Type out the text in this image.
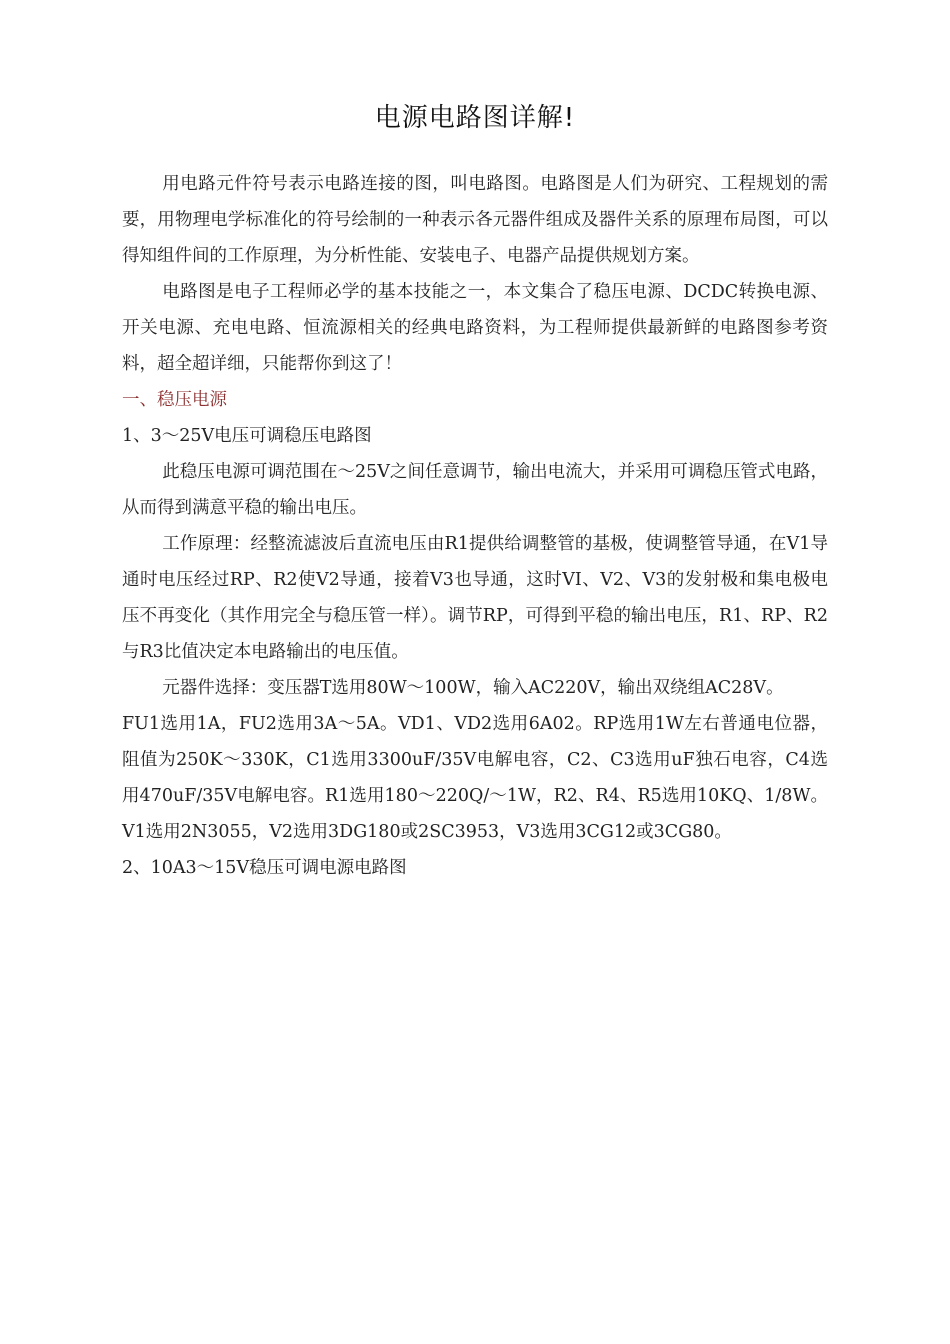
电源电路图详解!

用电路元件符号表示电路连接的图，叫电路图。电路图是人们为研究、工程规划的需要，用物理电学标准化的符号绘制的一种表示各元器件组成及器件关系的原理布局图，可以得知组件间的工作原理，为分析性能、安装电子、电器产品提供规划方案。

电路图是电子工程师必学的基本技能之一，本文集合了稳压电源、DCDC转换电源、开关电源、充电电路、恒流源相关的经典电路资料，为工程师提供最新鲜的电路图参考资料，超全超详细，只能帮你到这了！

一、稳压电源

1、3〜25V电压可调稳压电路图

此稳压电源可调范围在〜25V之间任意调节，输出电流大，并采用可调稳压管式电路，从而得到满意平稳的输出电压。

工作原理：经整流滤波后直流电压由R1提供给调整管的基极，使调整管导通，在V1导通时电压经过RP、R2使V2导通，接着V3也导通，这时VI、V2、V3的发射极和集电极电压不再变化（其作用完全与稳压管一样）。调节RP，可得到平稳的输出电压，R1、RP、R2与R3比值决定本电路输出的电压值。

元器件选择：变压器T选用80W〜100W，输入AC220V，输出双绕组AC28V。

FU1选用1A，FU2选用3A〜5A。VD1、VD2选用6A02。RP选用1W左右普通电位器，阻值为250K〜330K，C1选用3300uF/35V电解电容，C2、C3选用uF独石电容，C4选用470uF/35V电解电容。R1选用180〜220Q/〜1W，R2、R4、R5选用10KQ、1/8W。V1选用2N3055，V2选用3DG180或2SC3953，V3选用3CG12或3CG80。

2、10A3〜15V稳压可调电源电路图
